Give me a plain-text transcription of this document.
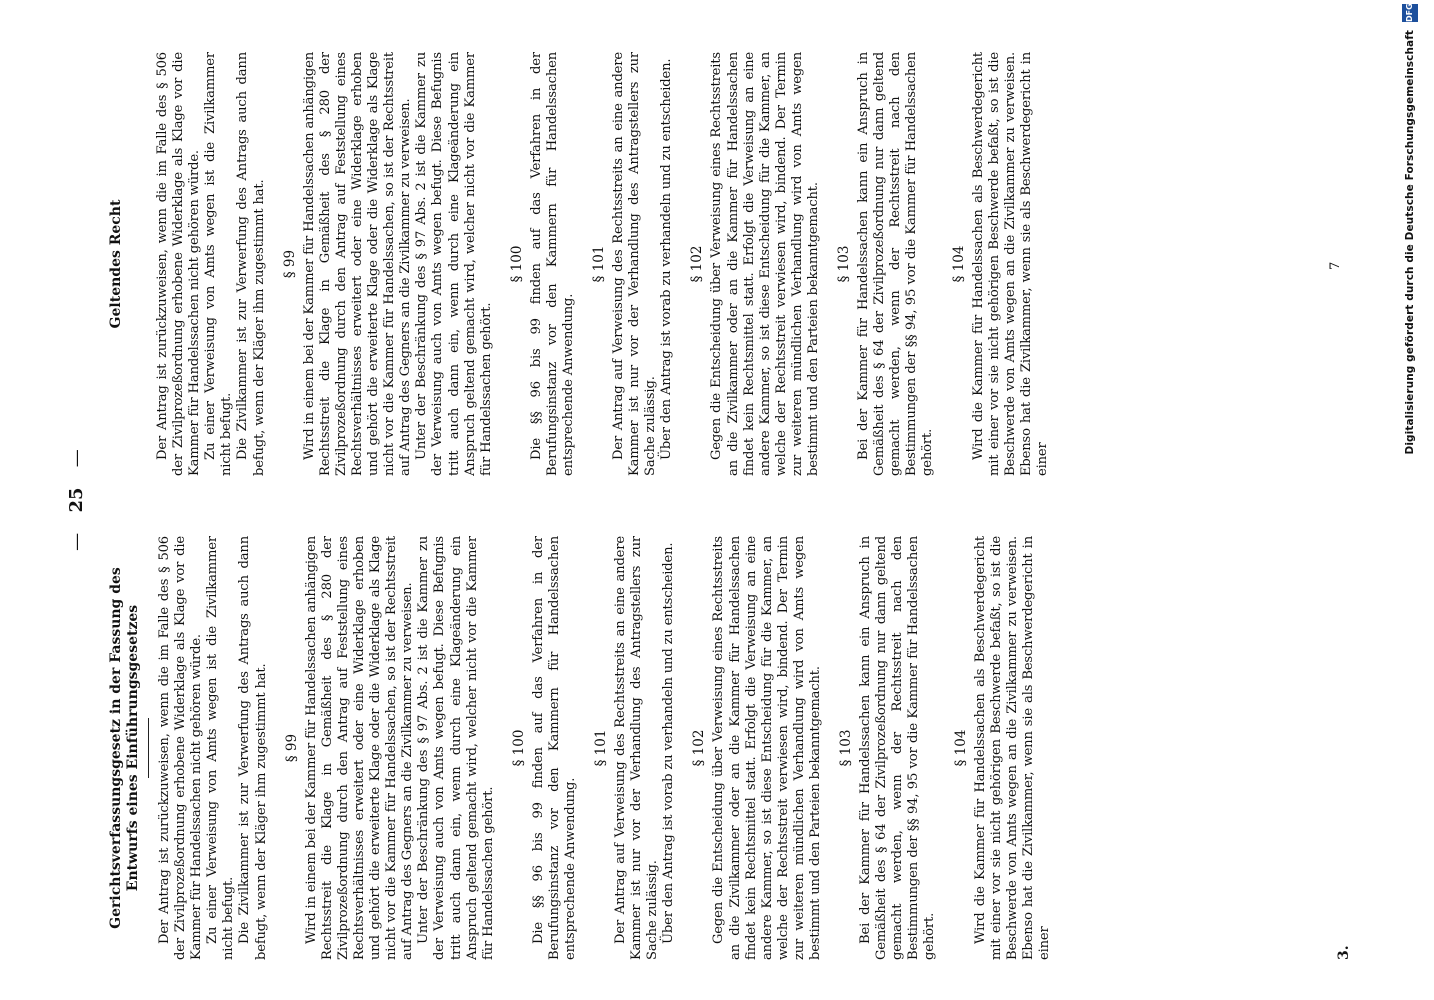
— 25 —
Gerichtsverfassungsgesetz in der Fassung des Entwurfs eines Einführungsgesetzes Der Antrag ist zurückzuweisen, wenn die im Falle des § 506 der Zivilprozeßordnung erhobene Widerklage als Klage vor die Kammer für Handelssachen nicht gehören würde. Zu einer Verweisung von Amts wegen ist die Zivilkammer nicht befugt. Die Zivilkammer ist zur Verwerfung des Antrags auch dann befugt, wenn der Kläger ihm zugestimmt hat. § 99 Wird in einem bei der Kammer für Handelssachen anhängigen Rechtsstreit die Klage in Gemäßheit des § 280 der Zivilprozeßordnung durch den Antrag auf Feststellung eines Rechtsverhältnisses erweitert oder eine Widerklage erhoben und gehört die erweiterte Klage oder die Widerklage als Klage nicht vor die Kammer für Handelssachen, so ist der Rechtsstreit auf Antrag des Gegners an die Zivilkammer zu verweisen. Unter der Beschränkung des § 97 Abs. 2 ist die Kammer zu der Verweisung auch von Amts wegen befugt. Diese Befugnis tritt auch dann ein, wenn durch eine Klageänderung ein Anspruch geltend gemacht wird, welcher nicht vor die Kammer für Handelssachen gehört.

§ 100 Die §§ 96 bis 99 finden auf das Verfahren in der Berufungsinstanz vor den Kammern für Handelssachen entsprechende Anwendung.

§ 101 Der Antrag auf Verweisung des Rechtsstreits an eine andere Kammer ist nur vor der Verhandlung des Antragstellers zur Sache zulässig. Über den Antrag ist vorab zu verhandeln und zu entscheiden. § 102 Gegen die Entscheidung über Verweisung eines Rechtsstreits an die Zivilkammer oder an die Kammer für Handelssachen findet kein Rechtsmittel statt. Erfolgt die Verweisung an eine andere Kammer, so ist diese Entscheidung für die Kammer, an welche der Rechtsstreit verwiesen wird, bindend. Der Termin zur weiteren mündlichen Verhandlung wird von Amts wegen bestimmt und den Parteien bekanntgemacht. § 103 Bei der Kammer für Handelssachen kann ein Anspruch in Gemäßheit des § 64 der Zivilprozeßordnung nur dann geltend gemacht werden, wenn der Rechtsstreit nach den Bestimmungen der §§ 94, 95 vor die Kammer für Handelssachen gehört.

§ 104 Wird die Kammer für Handelssachen als Beschwerdegericht mit einer vor sie nicht gehörigen Beschwerde befaßt, so ist die Beschwerde von Amts wegen an die Zivilkammer zu verweisen. Ebenso hat die Zivilkammer, wenn sie als Beschwerdegericht in einer

Geltendes Recht Der Antrag ist zurückzuweisen, wenn die im Falle des § 506 der Zivilprozeßordnung erhobene Widerklage als Klage vor die Kammer für Handelssachen nicht gehören würde. Zu einer Verweisung von Amts wegen ist die Zivilkammer nicht befugt. Die Zivilkammer ist zur Verwerfung des Antrags auch dann befugt, wenn der Kläger ihm zugestimmt hat. § 99 Wird in einem bei der Kammer für Handelssachen anhängigen Rechtsstreit die Klage in Gemäßheit des § 280 der Zivilprozeßordnung durch den Antrag auf Feststellung eines Rechtsverhältnisses erweitert oder eine Widerklage erhoben und gehört die erweiterte Klage oder die Widerklage als Klage nicht vor die Kammer für Handelssachen, so ist der Rechtsstreit auf Antrag des Gegners an die Zivilkammer zu verweisen. Unter der Beschränkung des § 97 Abs. 2 ist die Kammer zu der Verweisung auch von Amts wegen befugt. Diese Befugnis tritt auch dann ein, wenn durch eine Klageänderung ein Anspruch geltend gemacht wird, welcher nicht vor die Kammer für Handelssachen gehört.

§ 100 Die §§ 96 bis 99 finden auf das Verfahren in der Berufungsinstanz vor den Kammern für Handelssachen entsprechende Anwendung.

§ 101 Der Antrag auf Verweisung des Rechtsstreits an eine andere Kammer ist nur vor der Verhandlung des Antragstellers zur Sache zulässig. Über den Antrag ist vorab zu verhandeln und zu entscheiden. § 102 Gegen die Entscheidung über Verweisung eines Rechtsstreits an die Zivilkammer oder an die Kammer für Handelssachen findet kein Rechtsmittel statt. Erfolgt die Verweisung an eine andere Kammer, so ist diese Entscheidung für die Kammer, an welche der Rechtsstreit verwiesen wird, bindend. Der Termin zur weiteren mündlichen Verhandlung wird von Amts wegen bestimmt und den Parteien bekanntgemacht. § 103 Bei der Kammer für Handelssachen kann ein Anspruch in Gemäßheit des § 64 der Zivilprozeßordnung nur dann geltend gemacht werden, wenn der Rechtsstreit nach den Bestimmungen der §§ 94, 95 vor die Kammer für Handelssachen gehört.

§ 104 Wird die Kammer für Handelssachen als Beschwerdegericht mit einer vor sie nicht gehörigen Beschwerde befaßt, so ist die Beschwerde von Amts wegen an die Zivilkammer zu verweisen. Ebenso hat die Zivilkammer, wenn sie als Beschwerdegericht in einer

3.
7	Digitalisierung gefördert durch die Deutsche Forschungsgemeinschaft
DFG
